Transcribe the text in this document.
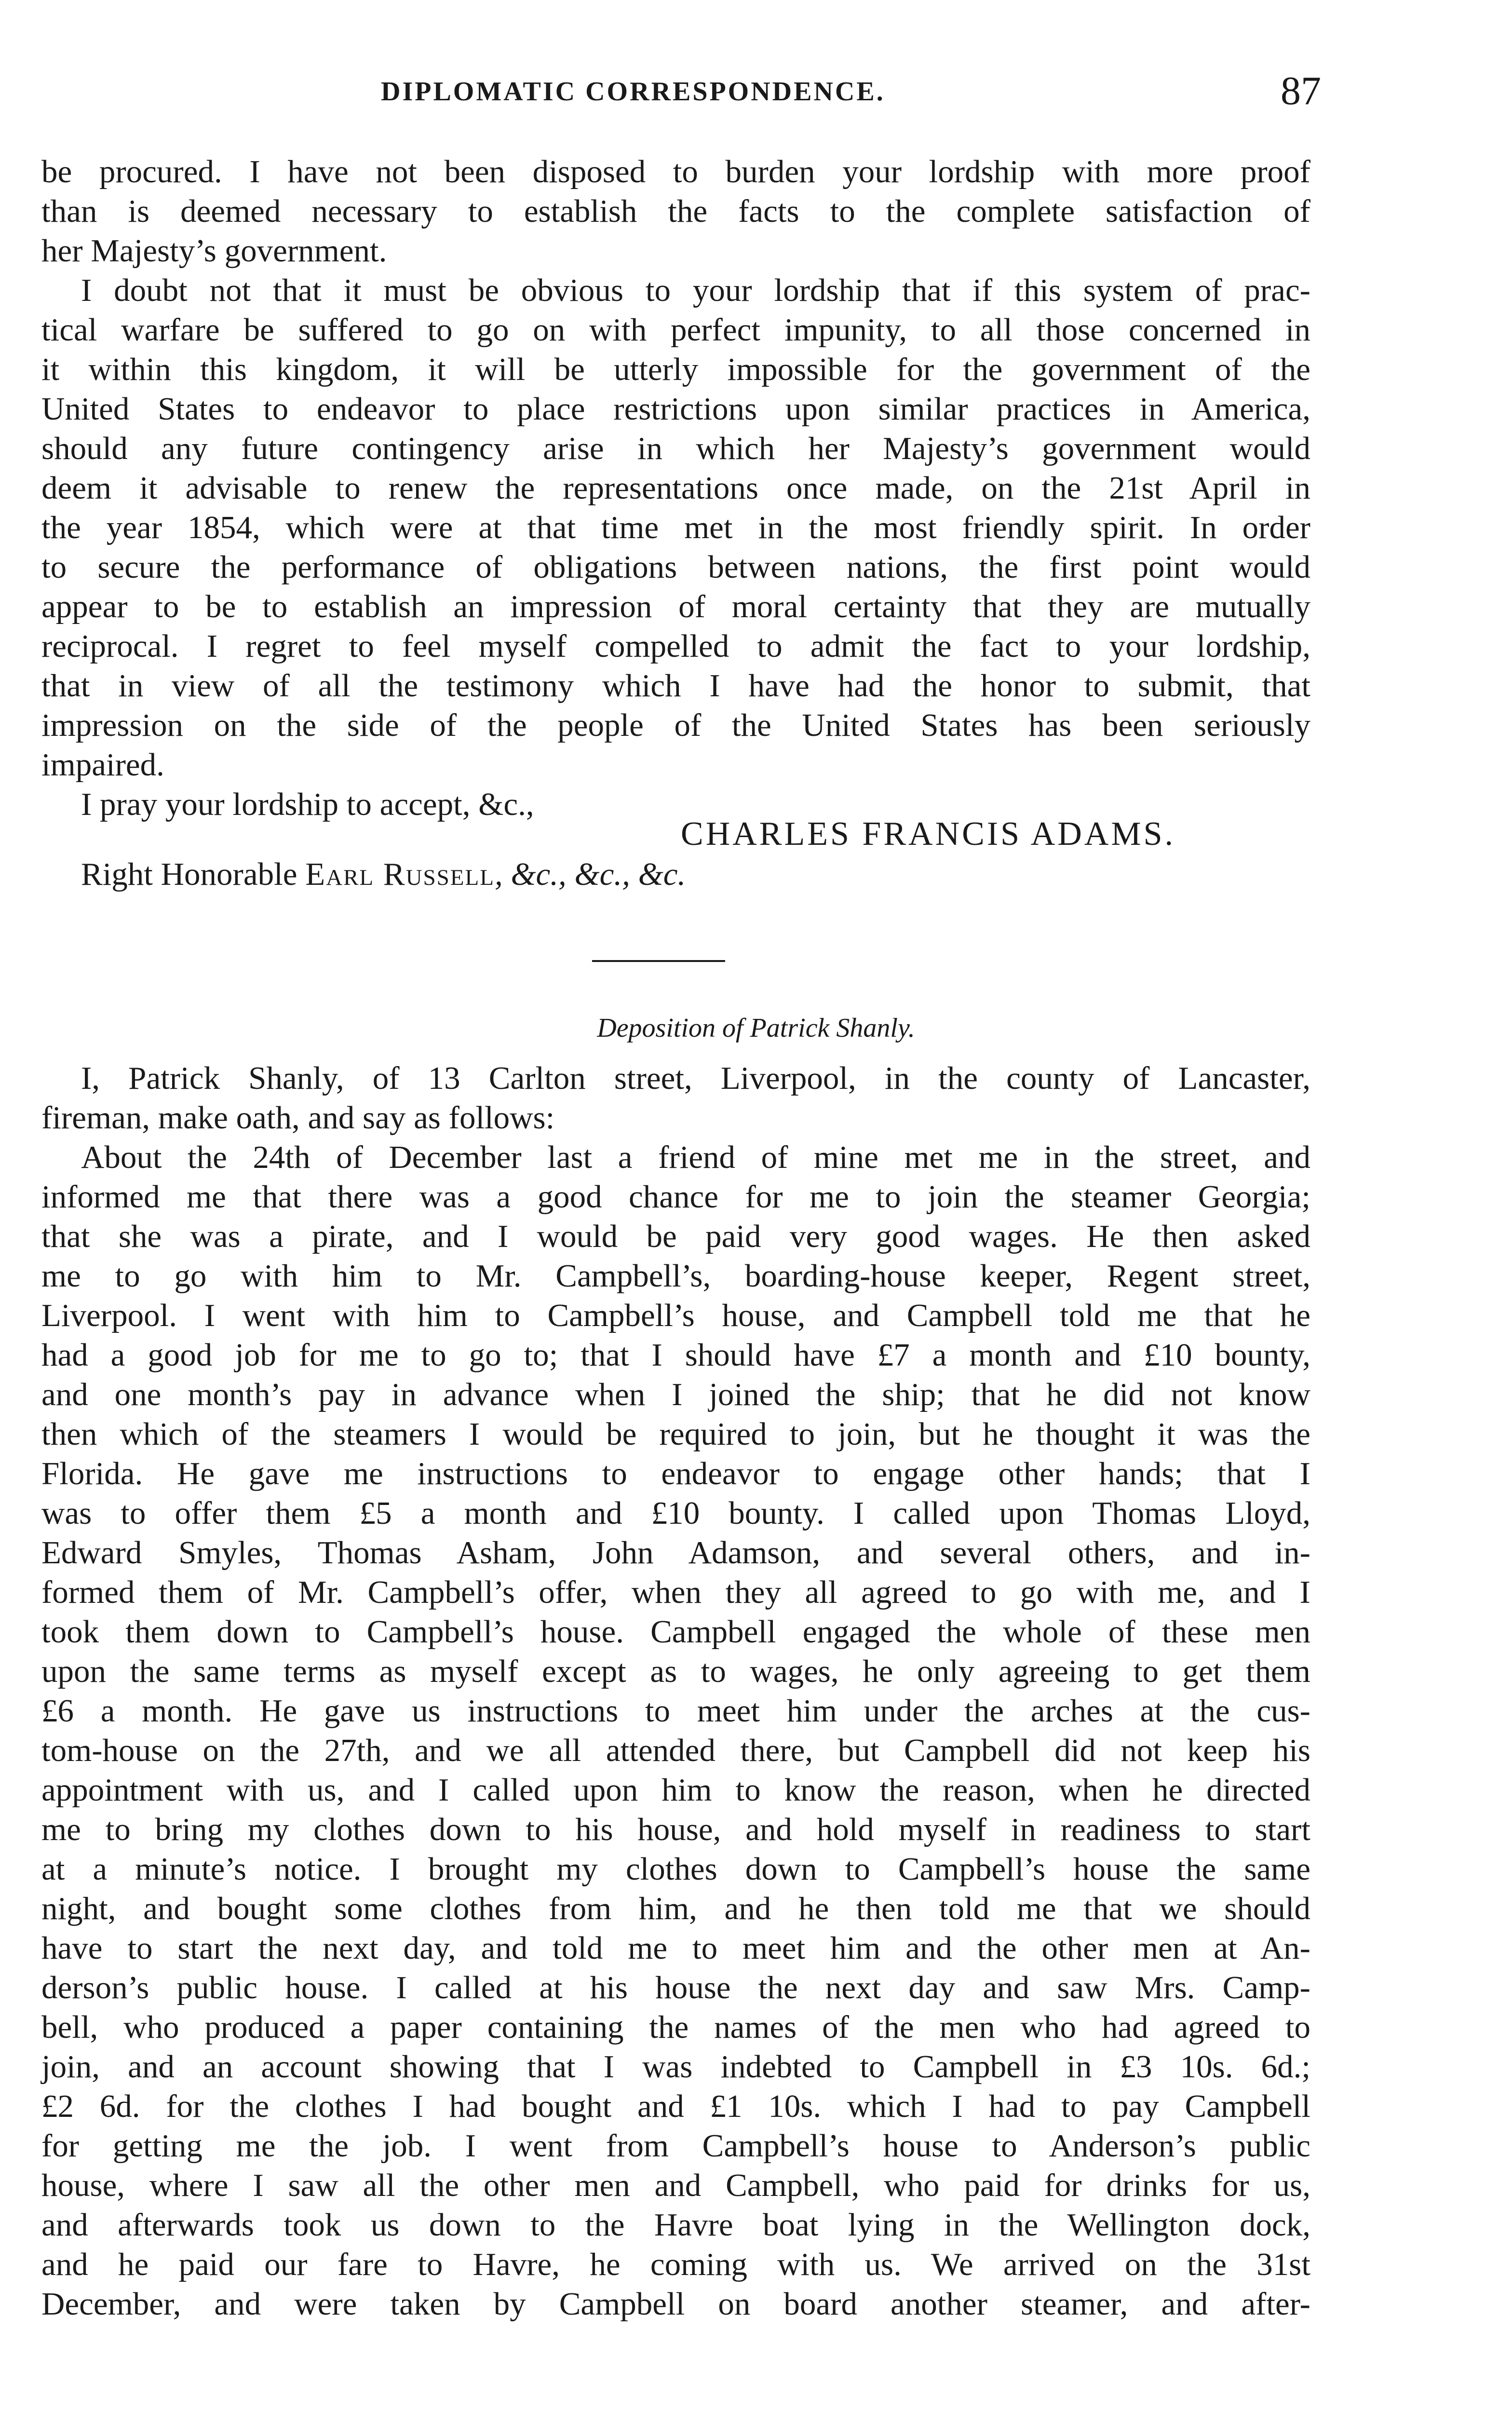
DIPLOMATIC CORRESPONDENCE.	87
be procured. I have not been disposed to burden your lordship with more proof
than is deemed necessary to establish the facts to the complete satisfaction of
her Majesty’s government.
I doubt not that it must be obvious to your lordship that if this system of prac-
tical warfare be suffered to go on with perfect impunity, to all those concerned in
it within this kingdom, it will be utterly impossible for the government of the
United States to endeavor to place restrictions upon similar practices in America,
should any future contingency arise in which her Majesty’s government would
deem it advisable to renew the representations once made, on the 21st April in
the year 1854, which were at that time met in the most friendly spirit. In order
to secure the performance of obligations between nations, the first point would
appear to be to establish an impression of moral certainty that they are mutually
reciprocal. I regret to feel myself compelled to admit the fact to your lordship,
that in view of all the testimony which I have had the honor to submit, that
impression on the side of the people of the United States has been seriously
impaired.
I pray your lordship to accept, &c.,
CHARLES FRANCIS ADAMS.
Right Honorable Earl Russell, &c., &c., &c.
Deposition of Patrick Shanly.
I, Patrick Shanly, of 13 Carlton street, Liverpool, in the county of Lancaster,
fireman, make oath, and say as follows:
About the 24th of December last a friend of mine met me in the street, and
informed me that there was a good chance for me to join the steamer Georgia;
that she was a pirate, and I would be paid very good wages. He then asked
me to go with him to Mr. Campbell’s, boarding-house keeper, Regent street,
Liverpool. I went with him to Campbell’s house, and Campbell told me that he
had a good job for me to go to; that I should have £7 a month and £10 bounty,
and one month’s pay in advance when I joined the ship; that he did not know
then which of the steamers I would be required to join, but he thought it was the
Florida. He gave me instructions to endeavor to engage other hands; that I
was to offer them £5 a month and £10 bounty. I called upon Thomas Lloyd,
Edward Smyles, Thomas Asham, John Adamson, and several others, and in-
formed them of Mr. Campbell’s offer, when they all agreed to go with me, and I
took them down to Campbell’s house. Campbell engaged the whole of these men
upon the same terms as myself except as to wages, he only agreeing to get them
£6 a month. He gave us instructions to meet him under the arches at the cus-
tom-house on the 27th, and we all attended there, but Campbell did not keep his
appointment with us, and I called upon him to know the reason, when he directed
me to bring my clothes down to his house, and hold myself in readiness to start
at a minute’s notice. I brought my clothes down to Campbell’s house the same
night, and bought some clothes from him, and he then told me that we should
have to start the next day, and told me to meet him and the other men at An-
derson’s public house. I called at his house the next day and saw Mrs. Camp-
bell, who produced a paper containing the names of the men who had agreed to
join, and an account showing that I was indebted to Campbell in £3 10s. 6d.;
£2 6d. for the clothes I had bought and £1 10s. which I had to pay Campbell
for getting me the job. I went from Campbell’s house to Anderson’s public
house, where I saw all the other men and Campbell, who paid for drinks for us,
and afterwards took us down to the Havre boat lying in the Wellington dock,
and he paid our fare to Havre, he coming with us. We arrived on the 31st
December, and were taken by Campbell on board another steamer, and after-
